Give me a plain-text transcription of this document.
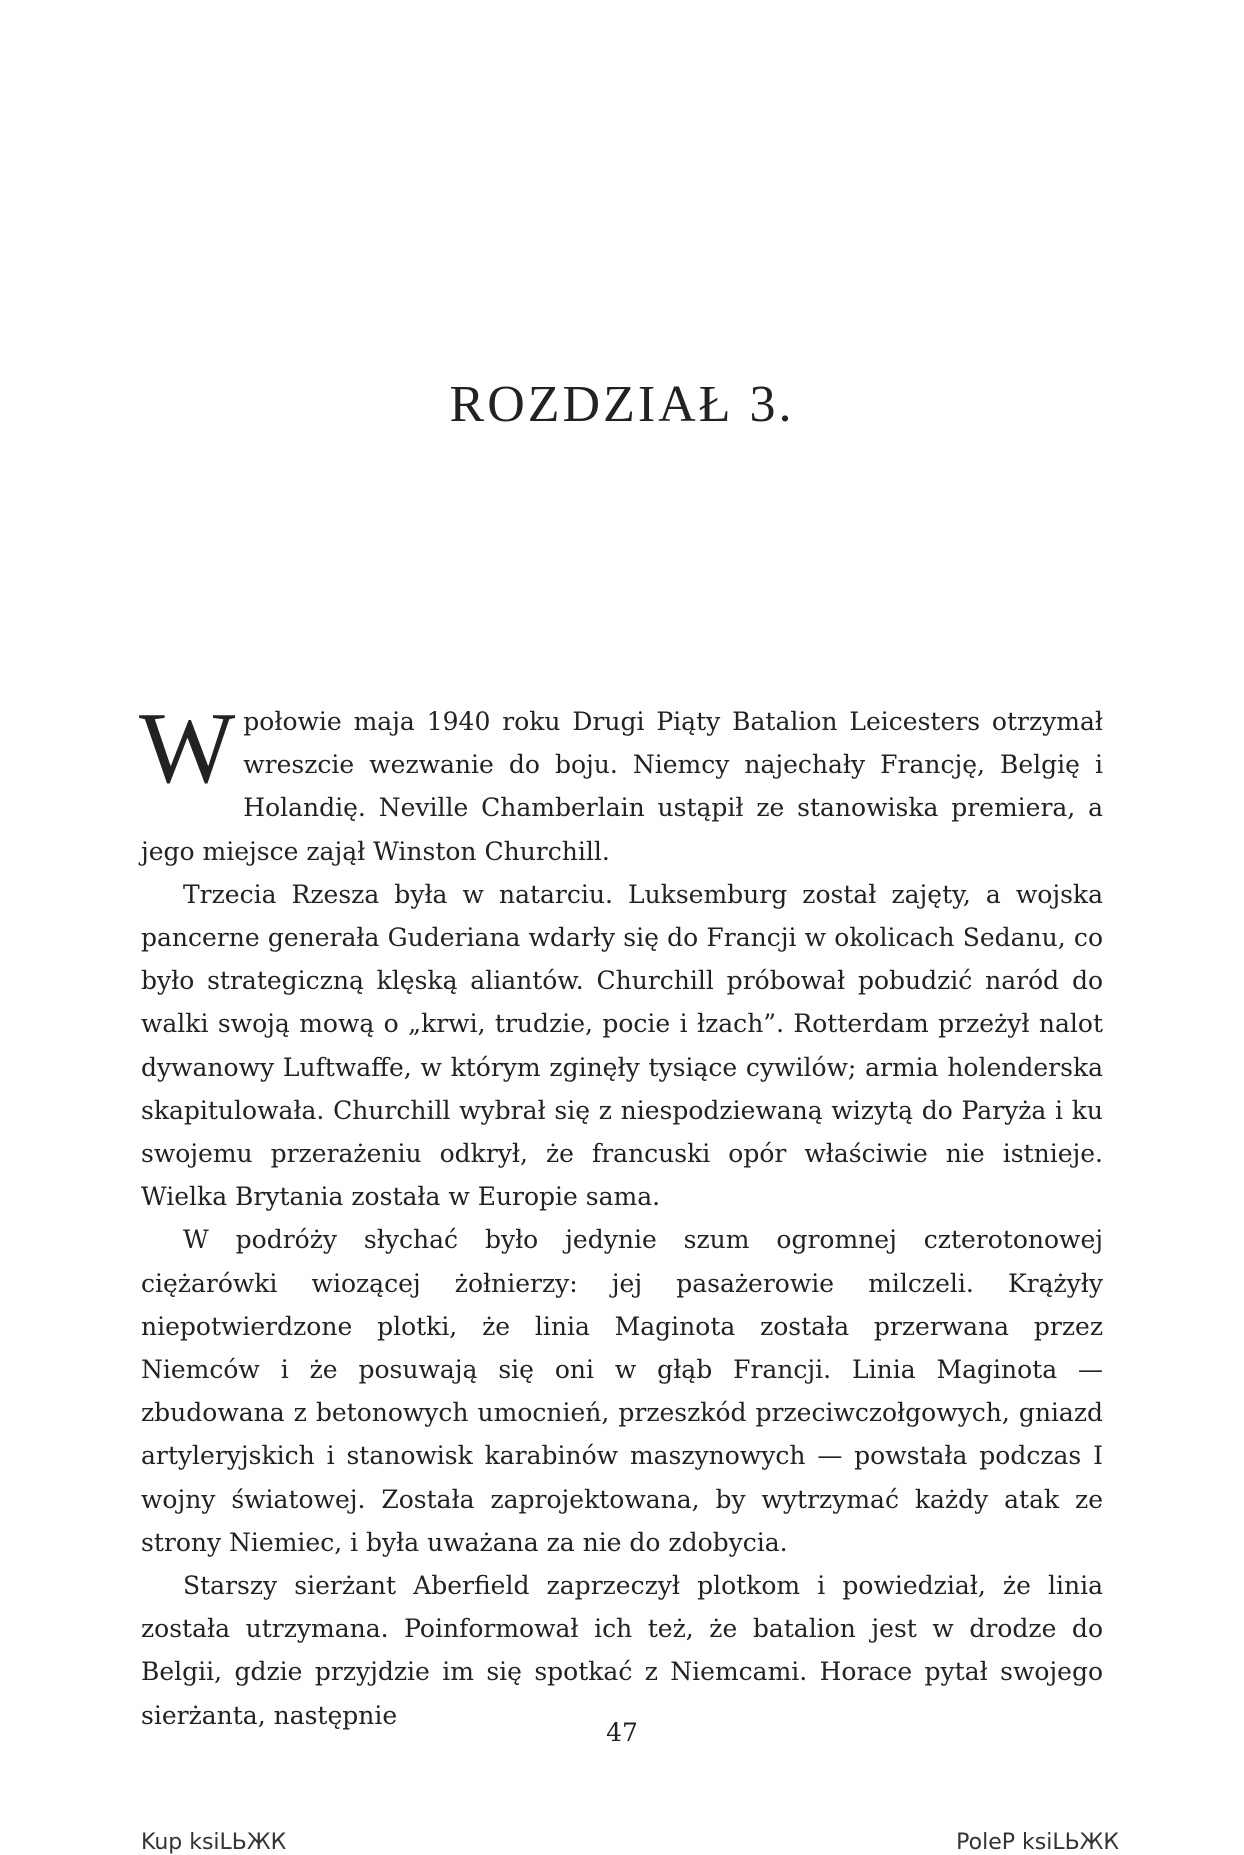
ROZDZIAŁ 3.

W połowie maja 1940 roku Drugi Piąty Batalion Leicesters otrzymał wreszcie wezwanie do boju. Niemcy najechały Francję, Belgię i Holandię. Neville Chamberlain ustąpił ze stanowiska premiera, a jego miejsce zajął Winston Churchill.

Trzecia Rzesza była w natarciu. Luksemburg został zajęty, a wojska pancerne generała Guderiana wdarły się do Francji w okolicach Sedanu, co było strategiczną klęską aliantów. Churchill próbował pobudzić naród do walki swoją mową o „krwi, trudzie, pocie i łzach”. Rotterdam przeżył nalot dywanowy Luftwaffe, w którym zginęły tysiące cywilów; armia holenderska skapitulowała. Churchill wybrał się z niespodziewaną wizytą do Paryża i ku swojemu przerażeniu odkrył, że francuski opór właściwie nie istnieje. Wielka Brytania została w Europie sama.

W podróży słychać było jedynie szum ogromnej czterotonowej ciężarówki wiozącej żołnierzy: jej pasażerowie milczeli. Krążyły niepotwierdzone plotki, że linia Maginota została przerwana przez Niemców i że posuwają się oni w głąb Francji. Linia Maginota — zbudowana z betonowych umocnień, przeszkód przeciwczołgowych, gniazd artyleryjskich i stanowisk karabinów maszynowych — powstała podczas I wojny światowej. Została zaprojektowana, by wytrzymać każdy atak ze strony Niemiec, i była uważana za nie do zdobycia.

Starszy sierżant Aberfield zaprzeczył plotkom i powiedział, że linia została utrzymana. Poinformował ich też, że batalion jest w drodze do Belgii, gdzie przyjdzie im się spotkać z Niemcami. Horace pytał swojego sierżanta, następnie

47
Kup ksiLЬЖК	PoleP ksiLЬЖК
